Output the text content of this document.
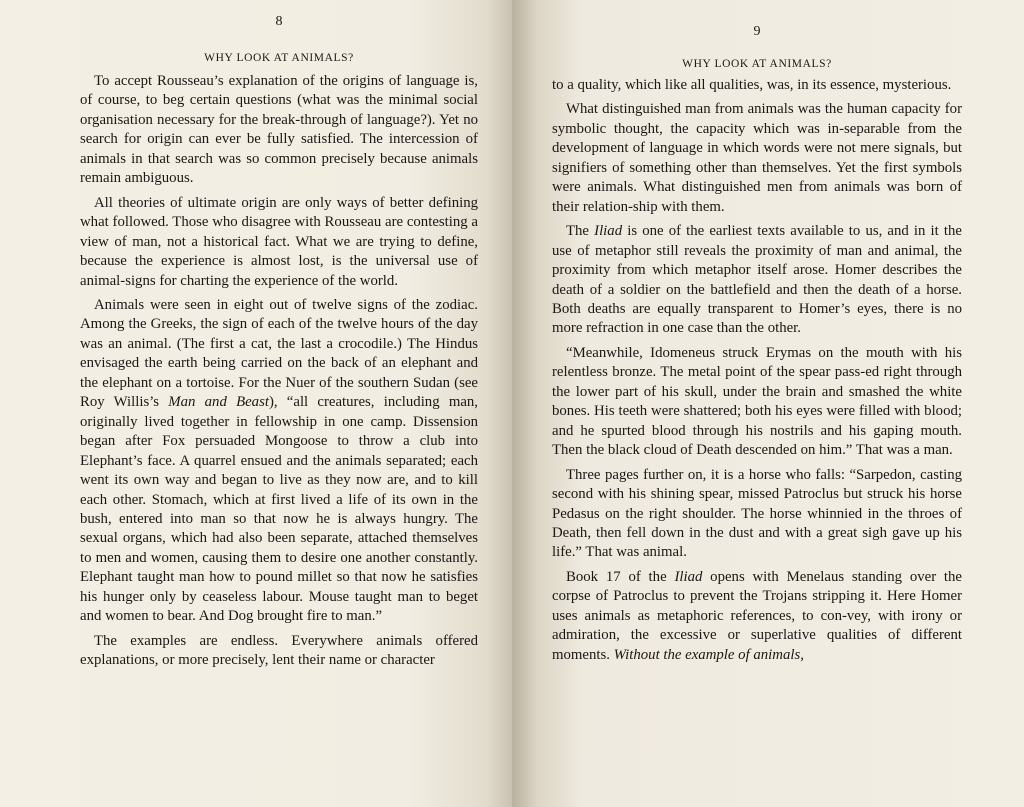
8

WHY LOOK AT ANIMALS?

To accept Rousseau’s explanation of the origins of language is, of course, to beg certain questions (what was the minimal social organisation necessary for the break-through of language?). Yet no search for origin can ever be fully satisfied. The intercession of animals in that search was so common precisely because animals remain ambiguous.

All theories of ultimate origin are only ways of better defining what followed. Those who disagree with Rousseau are contesting a view of man, not a historical fact. What we are trying to define, because the experience is almost lost, is the universal use of animal-signs for charting the experience of the world.

Animals were seen in eight out of twelve signs of the zodiac. Among the Greeks, the sign of each of the twelve hours of the day was an animal. (The first a cat, the last a crocodile.) The Hindus envisaged the earth being carried on the back of an elephant and the elephant on a tortoise. For the Nuer of the southern Sudan (see Roy Willis’s Man and Beast), “all creatures, including man, originally lived together in fellowship in one camp. Dissension began after Fox persuaded Mongoose to throw a club into Elephant’s face. A quarrel ensued and the animals separated; each went its own way and began to live as they now are, and to kill each other. Stomach, which at first lived a life of its own in the bush, entered into man so that now he is always hungry. The sexual organs, which had also been separate, attached themselves to men and women, causing them to desire one another constantly. Elephant taught man how to pound millet so that now he satisfies his hunger only by ceaseless labour. Mouse taught man to beget and women to bear. And Dog brought fire to man.”

The examples are endless. Everywhere animals offered explanations, or more precisely, lent their name or character

9

WHY LOOK AT ANIMALS?

to a quality, which like all qualities, was, in its essence, mysterious.

What distinguished man from animals was the human capacity for symbolic thought, the capacity which was in-separable from the development of language in which words were not mere signals, but signifiers of something other than themselves. Yet the first symbols were animals. What distinguished men from animals was born of their relation-ship with them.

The Iliad is one of the earliest texts available to us, and in it the use of metaphor still reveals the proximity of man and animal, the proximity from which metaphor itself arose. Homer describes the death of a soldier on the battlefield and then the death of a horse. Both deaths are equally transparent to Homer’s eyes, there is no more refraction in one case than the other.

“Meanwhile, Idomeneus struck Erymas on the mouth with his relentless bronze. The metal point of the spear pass-ed right through the lower part of his skull, under the brain and smashed the white bones. His teeth were shattered; both his eyes were filled with blood; and he spurted blood through his nostrils and his gaping mouth. Then the black cloud of Death descended on him.” That was a man.

Three pages further on, it is a horse who falls: “Sarpedon, casting second with his shining spear, missed Patroclus but struck his horse Pedasus on the right shoulder. The horse whinnied in the throes of Death, then fell down in the dust and with a great sigh gave up his life.” That was animal.

Book 17 of the Iliad opens with Menelaus standing over the corpse of Patroclus to prevent the Trojans stripping it. Here Homer uses animals as metaphoric references, to con-vey, with irony or admiration, the excessive or superlative qualities of different moments. Without the example of animals,
